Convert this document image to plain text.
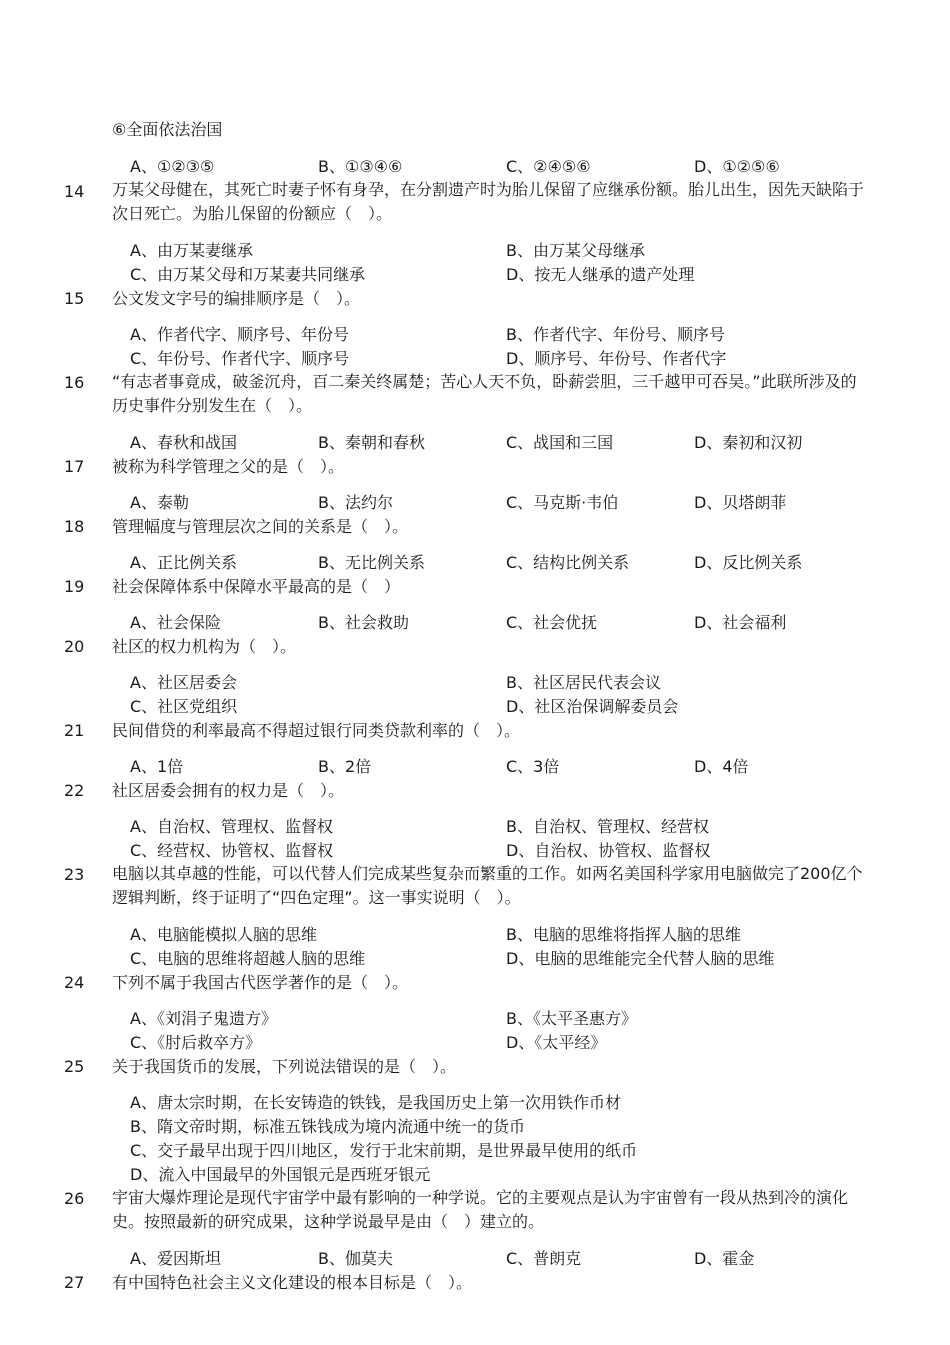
⑥全面依法治国
A、①②③⑤	B、①③④⑥	C、②④⑤⑥	D、①②⑤⑥
14	万某父母健在，其死亡时妻子怀有身孕，在分割遗产时为胎儿保留了应继承份额。胎儿出生，因先天缺陷于次日死亡。为胎儿保留的份额应（　）。
A、由万某妻继承	B、由万某父母继承
C、由万某父母和万某妻共同继承	D、按无人继承的遗产处理
15	公文发文字号的编排顺序是（　）。
A、作者代字、顺序号、年份号	B、作者代字、年份号、顺序号
C、年份号、作者代字、顺序号	D、顺序号、年份号、作者代字
16	“有志者事竟成，破釜沉舟，百二秦关终属楚；苦心人天不负，卧薪尝胆，三千越甲可吞吴。”此联所涉及的历史事件分别发生在（　）。
A、春秋和战国	B、秦朝和春秋	C、战国和三国	D、秦初和汉初
17	被称为科学管理之父的是（　）。
A、泰勒	B、法约尔	C、马克斯·韦伯	D、贝塔朗菲
18	管理幅度与管理层次之间的关系是（　）。
A、正比例关系	B、无比例关系	C、结构比例关系	D、反比例关系
19	社会保障体系中保障水平最高的是（　）
A、社会保险	B、社会救助	C、社会优抚	D、社会福利
20	社区的权力机构为（　）。
A、社区居委会	B、社区居民代表会议
C、社区党组织	D、社区治保调解委员会
21	民间借贷的利率最高不得超过银行同类贷款利率的（　）。
A、1倍	B、2倍	C、3倍	D、4倍
22	社区居委会拥有的权力是（　）。
A、自治权、管理权、监督权	B、自治权、管理权、经营权
C、经营权、协管权、监督权	D、自治权、协管权、监督权
23	电脑以其卓越的性能，可以代替人们完成某些复杂而繁重的工作。如两名美国科学家用电脑做完了200亿个逻辑判断，终于证明了“四色定理”。这一事实说明（　）。
A、电脑能模拟人脑的思维	B、电脑的思维将指挥人脑的思维
C、电脑的思维将超越人脑的思维	D、电脑的思维能完全代替人脑的思维
24	下列不属于我国古代医学著作的是（　）。
A、《刘涓子鬼遗方》	B、《太平圣惠方》
C、《肘后救卒方》	D、《太平经》
25	关于我国货币的发展，下列说法错误的是（　）。
A、唐太宗时期，在长安铸造的铁钱，是我国历史上第一次用铁作币材
B、隋文帝时期，标准五铢钱成为境内流通中统一的货币
C、交子最早出现于四川地区，发行于北宋前期，是世界最早使用的纸币
D、流入中国最早的外国银元是西班牙银元
26	宇宙大爆炸理论是现代宇宙学中最有影响的一种学说。它的主要观点是认为宇宙曾有一段从热到冷的演化史。按照最新的研究成果，这种学说最早是由（　）建立的。
A、爱因斯坦	B、伽莫夫	C、普朗克	D、霍金
27	有中国特色社会主义文化建设的根本目标是（　）。
